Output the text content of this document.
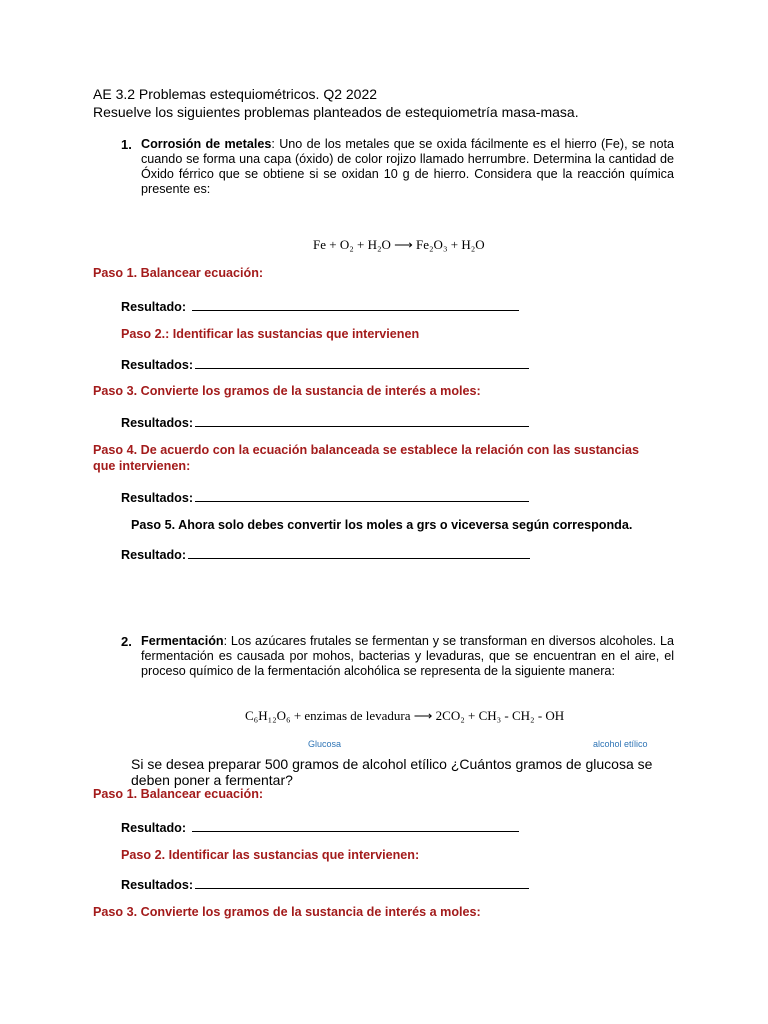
AE 3.2 Problemas estequiométricos. Q2 2022
Resuelve los siguientes problemas planteados de estequiometría masa-masa.
1. Corrosión de metales: Uno de los metales que se oxida fácilmente es el hierro (Fe), se nota cuando se forma una capa (óxido) de color rojizo llamado herrumbre. Determina la cantidad de Óxido férrico que se obtiene si se oxidan 10 g de hierro. Considera que la reacción química presente es:
Fe + O₂ + H₂O ⟶ Fe₂O₃ + H₂O
Paso 1. Balancear ecuación:
Resultado:
Paso 2.: Identificar las sustancias que intervienen
Resultados:
Paso 3. Convierte los gramos de la sustancia de interés a moles:
Resultados:
Paso 4. De acuerdo con la ecuación balanceada se establece la relación con las sustancias
que intervienen:
Resultados:
Paso 5. Ahora solo debes convertir los moles a grs o viceversa según corresponda.
Resultado:
2. Fermentación: Los azúcares frutales se fermentan y se transforman en diversos alcoholes. La fermentación es causada por mohos, bacterias y levaduras, que se encuentran en el aire, el proceso químico de la fermentación alcohólica se representa de la siguiente manera:
C₆H₁₂O₆ + enzimas de levadura ⟶ 2CO₂ + CH₃ - CH₂ - OH
Glucosa	alcohol etílico
Si se desea preparar 500 gramos de alcohol etílico ¿Cuántos gramos de glucosa se deben poner a fermentar?
Paso 1. Balancear ecuación:
Resultado:
Paso 2. Identificar las sustancias que intervienen:
Resultados:
Paso 3. Convierte los gramos de la sustancia de interés a moles:
